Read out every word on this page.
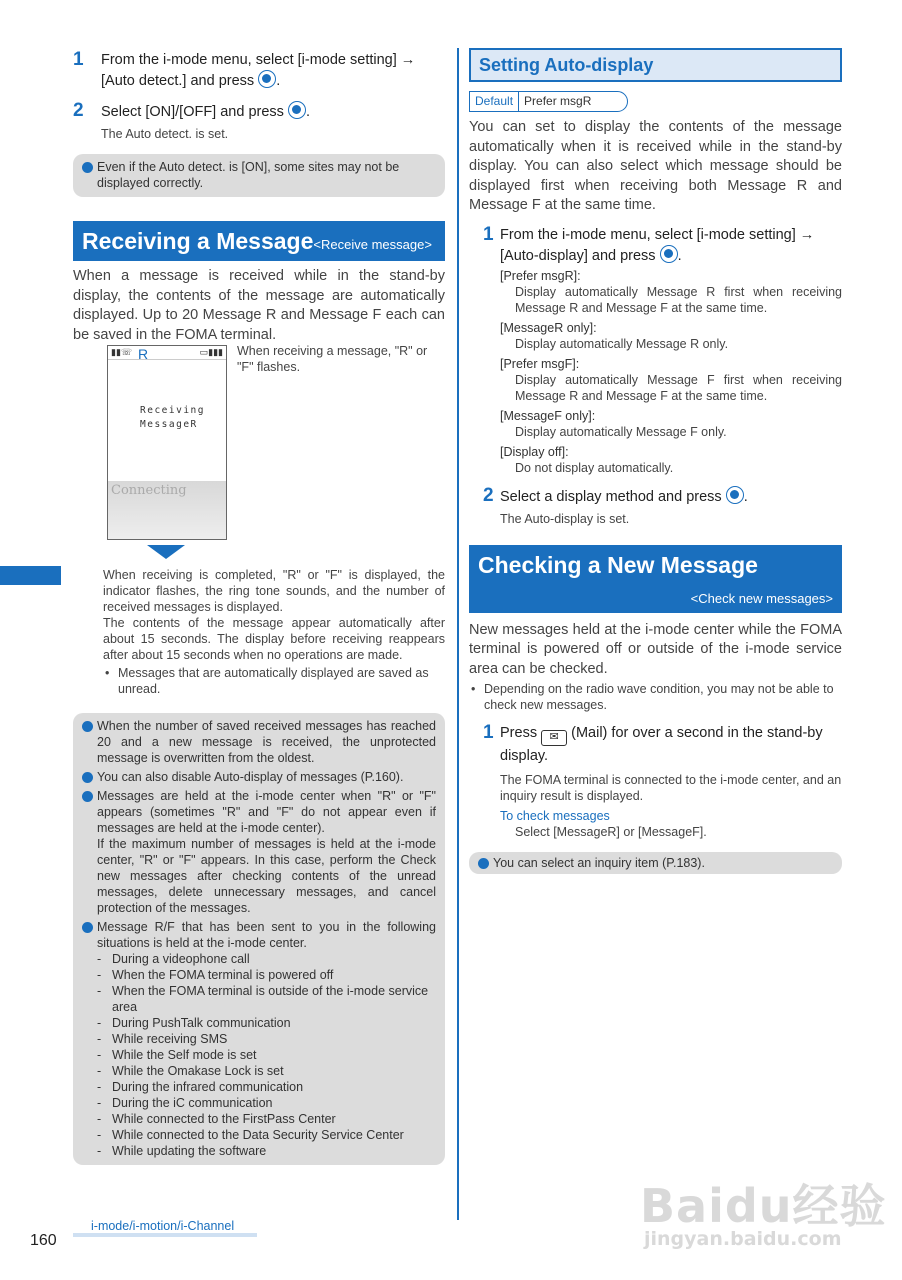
1	From the i-mode menu, select [i-mode setting] →
[Auto detect.] and press .
2	Select [ON]/[OFF] and press .
The Auto detect. is set.
Even if the Auto detect. is [ON], some sites may not be displayed correctly.
Receiving a Message<Receive message>
When a message is received while in the stand-by display, the contents of the message are automatically displayed. Up to 20 Message R and Message F each can be saved in the FOMA terminal.
▮▮☏	▭▮▮▮
R
Receiving
MessageR
Connecting
When receiving a message, "R" or "F" flashes.
When receiving is completed, "R" or "F" is displayed, the indicator flashes, the ring tone sounds, and the number of received messages is displayed.
The contents of the message appear automatically after about 15 seconds. The display before receiving reappears after about 15 seconds when no operations are made.
• Messages that are automatically displayed are saved as unread.
When the number of saved received messages has reached 20 and a new message is received, the unprotected message is overwritten from the oldest.
You can also disable Auto-display of messages (P.160).
Messages are held at the i-mode center when "R" or "F" appears (sometimes "R" and "F" do not appear even if messages are held at the i-mode center).
If the maximum number of messages is held at the i-mode center, "R" or "F" appears. In this case, perform the Check new messages after checking contents of the unread messages, delete unnecessary messages, and cancel protection of the messages.
Message R/F that has been sent to you in the following situations is held at the i-mode center.
- During a videophone call
- When the FOMA terminal is powered off
- When the FOMA terminal is outside of the i-mode service area
- During PushTalk communication
- While receiving SMS
- While the Self mode is set
- While the Omakase Lock is set
- During the infrared communication
- During the iC communication
- While connected to the FirstPass Center
- While connected to the Data Security Service Center
- While updating the software
Setting Auto-display
Default Prefer msgR
You can set to display the contents of the message automatically when it is received while in the stand-by display. You can also select which message should be displayed first when receiving both Message R and Message F at the same time.
1 From the i-mode menu, select [i-mode setting] →
[Auto-display] and press .
[Prefer msgR]:
Display automatically Message R first when receiving Message R and Message F at the same time.
[MessageR only]:
Display automatically Message R only.
[Prefer msgF]:
Display automatically Message F first when receiving Message R and Message F at the same time.
[MessageF only]:
Display automatically Message F only.
[Display off]:
Do not display automatically.
2 Select a display method and press .
The Auto-display is set.
Checking a New Message
<Check new messages>
New messages held at the i-mode center while the FOMA terminal is powered off or outside of the i-mode service area can be checked.
• Depending on the radio wave condition, you may not be able to check new messages.
1 Press ✉ (Mail) for over a second in the stand-by display.
The FOMA terminal is connected to the i-mode center, and an inquiry result is displayed.
To check messages
Select [MessageR] or [MessageF].
You can select an inquiry item (P.183).
160
i-mode/i-motion/i-Channel	Baidu经验
jingyan.baidu.com
